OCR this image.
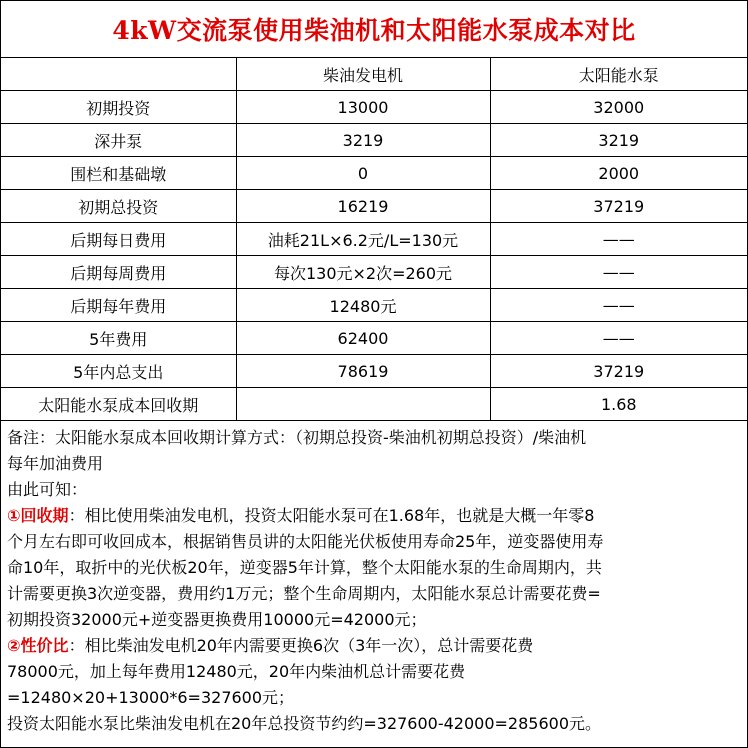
4kW交流泵使用柴油机和太阳能水泵成本对比
	柴油发电机	太阳能水泵
初期投资	13000	32000
深井泵	3219	3219
围栏和基础墩	0	2000
初期总投资	16219	37219
后期每日费用	油耗21L×6.2元/L=130元	——
后期每周费用	每次130元×2次=260元	——
后期每年费用	12480元	——
5年费用	62400	——
5年内总支出	78619	37219
太阳能水泵成本回收期		1.68

备注：太阳能水泵成本回收期计算方式：（初期总投资-柴油机初期总投资）/柴油机

每年加油费用

由此可知：

①回收期：相比使用柴油发电机，投资太阳能水泵可在1.68年，也就是大概一年零8

个月左右即可收回成本，根据销售员讲的太阳能光伏板使用寿命25年，逆变器使用寿

命10年，取折中的光伏板20年，逆变器5年计算，整个太阳能水泵的生命周期内，共

计需要更换3次逆变器，费用约1万元；整个生命周期内，太阳能水泵总计需要花费=

初期投资32000元+逆变器更换费用10000元=42000元；

②性价比：相比柴油发电机20年内需要更换6次（3年一次），总计需要花费

78000元，加上每年费用12480元，20年内柴油机总计需要花费

=12480×20+13000*6=327600元；

投资太阳能水泵比柴油发电机在20年总投资节约约=327600-42000=285600元。
